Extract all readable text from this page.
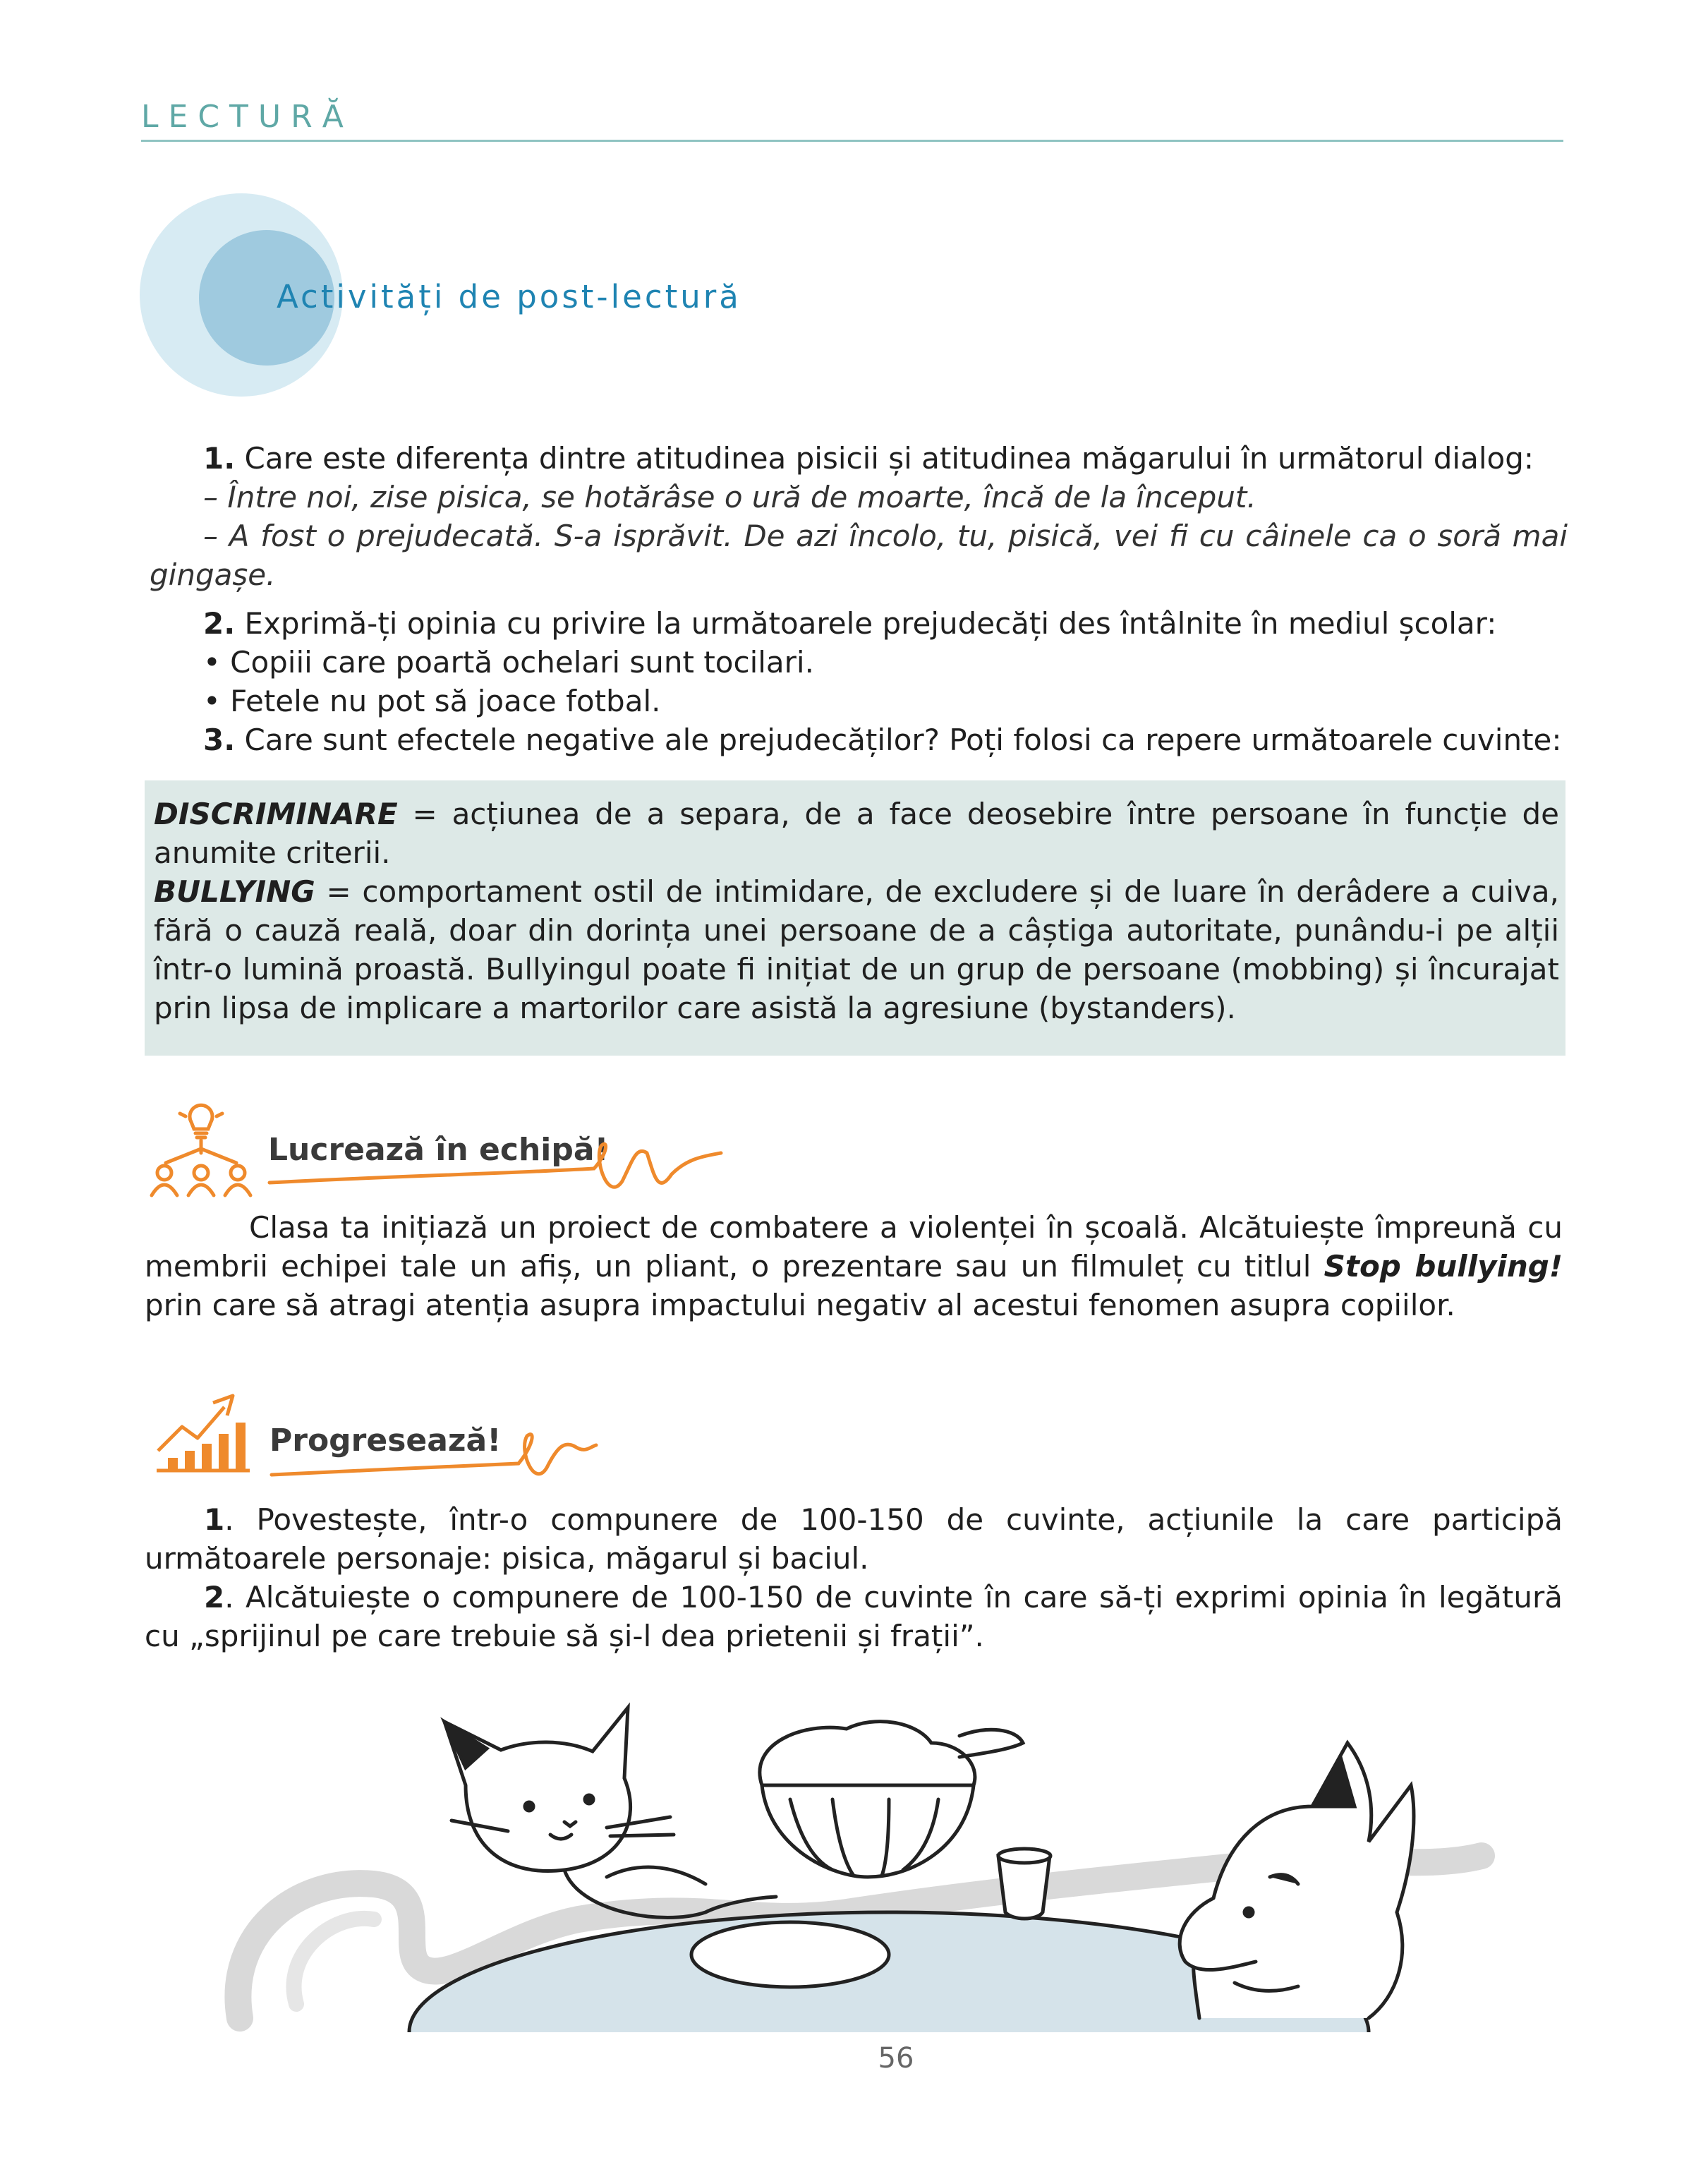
LECTURĂ
Activități de post-lectură
1. Care este diferența dintre atitudinea pisicii și atitudinea măgarului în următorul dialog:
– Între noi, zise pisica, se hotărâse o ură de moarte, încă de la început.
– A fost o prejudecată. S-a isprăvit. De azi încolo, tu, pisică, vei fi cu câinele ca o soră mai gingașe.
2. Exprimă-ți opinia cu privire la următoarele prejudecăți des întâlnite în mediul școlar:
• Copiii care poartă ochelari sunt tocilari.
• Fetele nu pot să joace fotbal.
3. Care sunt efectele negative ale prejudecăților? Poți folosi ca repere următoarele cuvinte:
DISCRIMINARE = acțiunea de a separa, de a face deosebire între persoane în funcție de anumite criterii.
BULLYING = comportament ostil de intimidare, de excludere și de luare în derâdere a cuiva, fără o cauză reală, doar din dorința unei persoane de a câștiga autoritate, punându-i pe alții într-o lumină proastă. Bullyingul poate fi inițiat de un grup de persoane (mobbing) și încurajat prin lipsa de implicare a martorilor care asistă la agresiune (bystanders).
Lucrează în echipă!
Clasa ta inițiază un proiect de combatere a violenței în școală. Alcătuiește împreună cu membrii echipei tale un afiș, un pliant, o prezentare sau un filmuleț cu titlul Stop bullying! prin care să atragi atenția asupra impactului negativ al acestui fenomen asupra copiilor.
Progresează!
1. Povestește, într-o compunere de 100-150 de cuvinte, acțiunile la care participă următoarele personaje: pisica, măgarul și baciul.
2. Alcătuiește o compunere de 100-150 de cuvinte în care să-ți exprimi opinia în legătură cu „sprijinul pe care trebuie să și-l dea prietenii și frații”.
56
